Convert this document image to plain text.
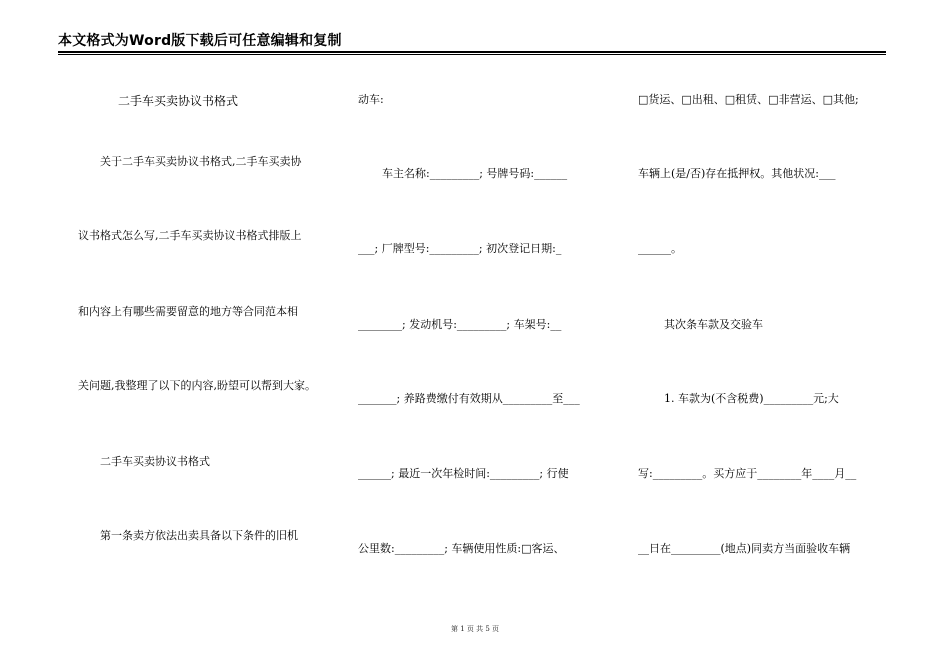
本文格式为Word版下载后可任意编辑和复制
二手车买卖协议书格式
关于二手车买卖协议书格式,二手车买卖协
议书格式怎么写,二手车买卖协议书格式排版上
和内容上有哪些需要留意的地方等合同范本相
关问题,我整理了以下的内容,盼望可以帮到大家。
二手车买卖协议书格式
第一条卖方依法出卖具备以下条件的旧机
动车:
车主名称:_________; 号牌号码:______
___; 厂牌型号:_________; 初次登记日期:_
________; 发动机号:_________; 车架号:__
_______; 养路费缴付有效期从_________至___
______; 最近一次年检时间:_________; 行使
公里数:_________; 车辆使用性质:□客运、
□货运、□出租、□租赁、□非营运、□其他;
车辆上(是/否)存在抵押权。其他状况:___
______。
其次条车款及交验车
1. 车款为(不含税费)_________元;大
写:_________。买方应于________年____月__
__日在_________(地点)同卖方当面验收车辆
第 1 页 共 5 页
